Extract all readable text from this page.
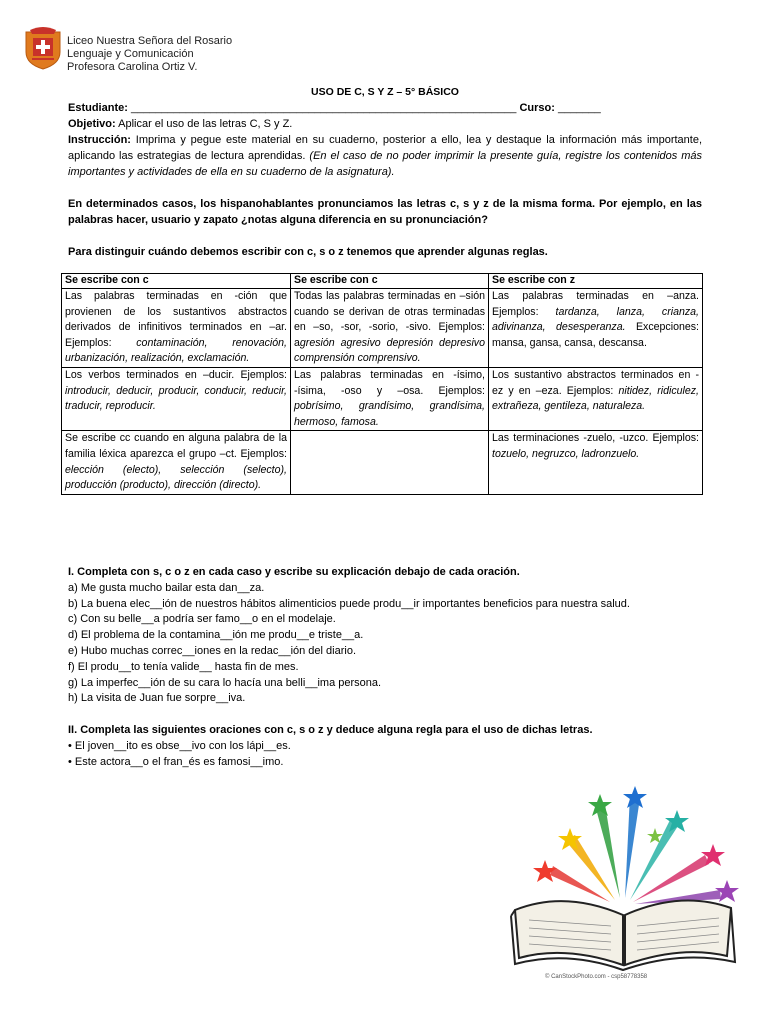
Liceo Nuestra Señora del Rosario
Lenguaje y Comunicación
Profesora Carolina Ortiz V.

USO DE C, S Y Z – 5° BÁSICO

Estudiante: _______________________________________________________________ Curso: _______

Objetivo: Aplicar el uso de las letras C, S y Z.

Instrucción: Imprima y pegue este material en su cuaderno, posterior a ello, lea y destaque la información más importante, aplicando las estrategias de lectura aprendidas. (En el caso de no poder imprimir la presente guía, registre los contenidos más importantes y actividades de ella en su cuaderno de la asignatura).

En determinados casos, los hispanohablantes pronunciamos las letras c, s y z de la misma forma. Por ejemplo, en las palabras hacer, usuario y zapato ¿notas alguna diferencia en su pronunciación?

Para distinguir cuándo debemos escribir con c, s o z tenemos que aprender algunas reglas.

Se escribe con c	Se escribe con c	Se escribe con z

Las palabras terminadas en -ción que provienen de los sustantivos abstractos derivados de infinitivos terminados en –ar. Ejemplos: contaminación, renovación, urbanización, realización, exclamación.	Todas las palabras terminadas en –sión cuando se derivan de otras terminadas en –so, -sor, -sorio, -sivo. Ejemplos: agresión agresivo depresión depresivo comprensión comprensivo.	Las palabras terminadas en –anza. Ejemplos: tardanza, lanza, crianza, adivinanza, desesperanza. Excepciones: mansa, gansa, cansa, descansa.

Los verbos terminados en –ducir. Ejemplos: introducir, deducir, producir, conducir, reducir, traducir, reproducir.	Las palabras terminadas en -ísimo, -ísima, -oso y –osa. Ejemplos: pobrísimo, grandísimo, grandísima, hermoso, famosa.	Los sustantivo abstractos terminados en -ez y en –eza. Ejemplos: nitidez, ridiculez, extrañeza, gentileza, naturaleza.

Se escribe cc cuando en alguna palabra de la familia léxica aparezca el grupo –ct. Ejemplos: elección (electo), selección (selecto), producción (producto), dirección (directo).		Las terminaciones -zuelo, -uzco. Ejemplos: tozuelo, negruzco, ladronzuelo.

I. Completa con s, c o z en cada caso y escribe su explicación debajo de cada oración.

a) Me gusta mucho bailar esta dan__za.

b) La buena elec__ión de nuestros hábitos alimenticios puede produ__ir importantes beneficios para nuestra salud.

c) Con su belle__a podría ser famo__o en el modelaje.

d) El problema de la contamina__ión me produ__e triste__a.

e) Hubo muchas correc__iones en la redac__ión del diario.

f) El produ__to tenía valide__ hasta fin de mes.

g) La imperfec__ión de su cara lo hacía una belli__ima persona.

h) La visita de Juan fue sorpre__iva.

II. Completa las siguientes oraciones con c, s o z y deduce alguna regla para el uso de dichas letras.

• El joven__ito es obse__ivo con los lápi__es.

• Este actora__o el fran_és es famosi__imo.

© CanStockPhoto.com - csp58778358
